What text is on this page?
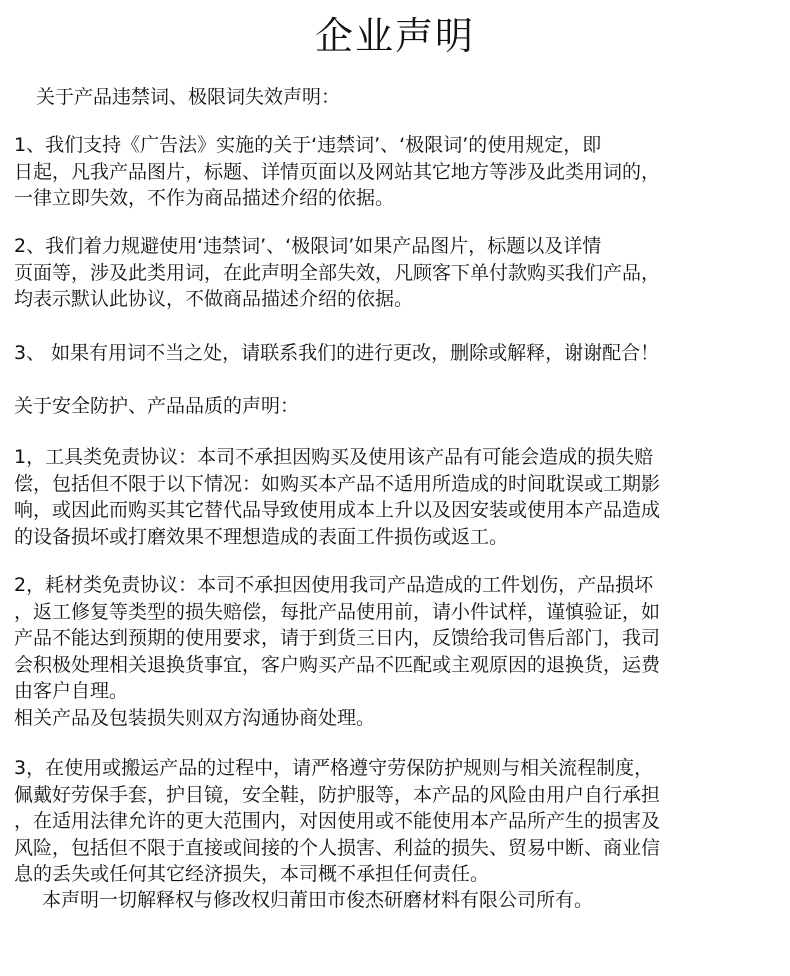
企业声明

关于产品违禁词、极限词失效声明：

1、我们支持《广告法》实施的关于‘违禁词’、‘极限词’的使用规定，即
日起，凡我产品图片，标题、详情页面以及网站其它地方等涉及此类用词的，
一律立即失效，不作为商品描述介绍的依据。
2、我们着力规避使用‘违禁词’、‘极限词’如果产品图片，标题以及详情
页面等，涉及此类用词，在此声明全部失效，凡顾客下单付款购买我们产品，
均表示默认此协议，不做商品描述介绍的依据。

3、 如果有用词不当之处，请联系我们的进行更改，删除或解释，谢谢配合！

关于安全防护、产品品质的声明：

1，工具类免责协议：本司不承担因购买及使用该产品有可能会造成的损失赔
偿，包括但不限于以下情况：如购买本产品不适用所造成的时间耽误或工期影
响，或因此而购买其它替代品导致使用成本上升以及因安装或使用本产品造成
的设备损坏或打磨效果不理想造成的表面工件损伤或返工。
2，耗材类免责协议：本司不承担因使用我司产品造成的工件划伤，产品损坏
，返工修复等类型的损失赔偿，每批产品使用前，请小件试样，谨慎验证，如
产品不能达到预期的使用要求，请于到货三日内，反馈给我司售后部门，我司
会积极处理相关退换货事宜，客户购买产品不匹配或主观原因的退换货，运费
由客户自理。
相关产品及包装损失则双方沟通协商处理。
3，在使用或搬运产品的过程中，请严格遵守劳保防护规则与相关流程制度，
佩戴好劳保手套，护目镜，安全鞋，防护服等，本产品的风险由用户自行承担
，在适用法律允许的更大范围内，对因使用或不能使用本产品所产生的损害及
风险，包括但不限于直接或间接的个人损害、利益的损失、贸易中断、商业信
息的丢失或任何其它经济损失，本司概不承担任何责任。

本声明一切解释权与修改权归莆田市俊杰研磨材料有限公司所有。
